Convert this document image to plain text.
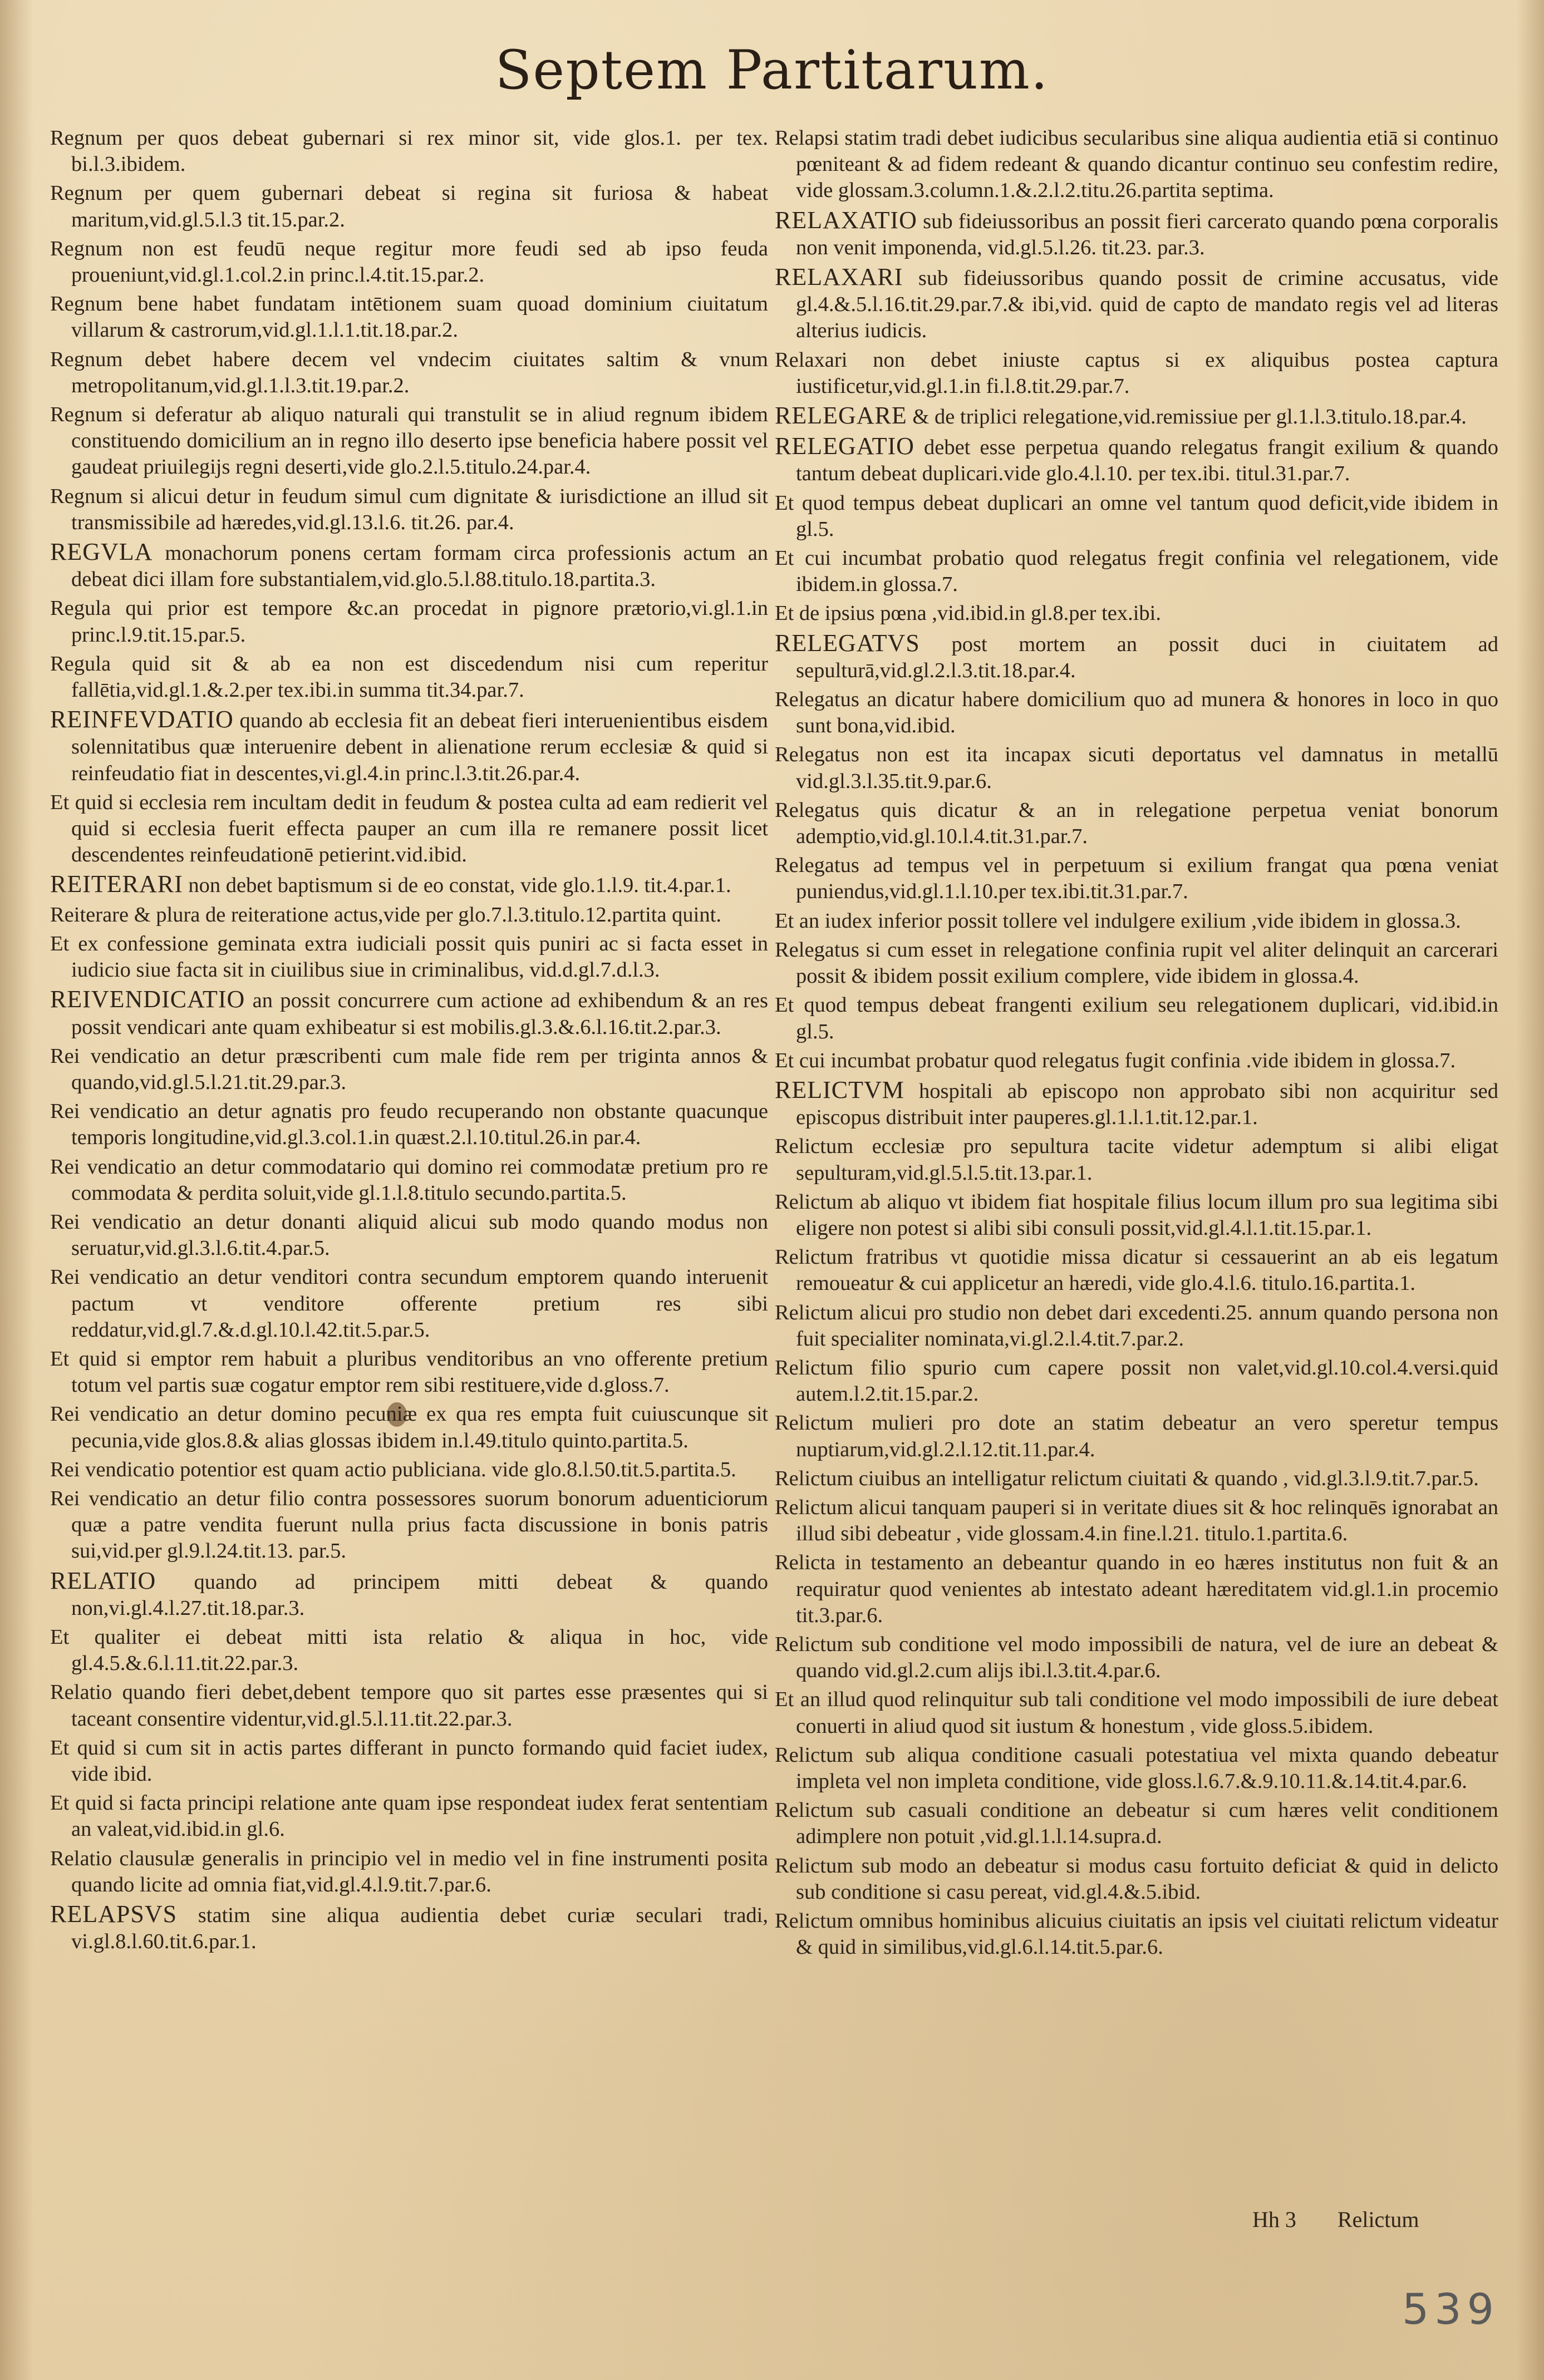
Septem Partitarum.

Regnum per quos debeat gubernari si rex minor sit, vide glos.1. per tex. bi.l.3.ibidem.

Regnum per quem gubernari debeat si regina sit furiosa & habeat maritum,vid.gl.5.l.3 tit.15.par.2.

Regnum non est feudū neque regitur more feudi sed ab ipso feuda proueniunt,vid.gl.1.col.2.in princ.l.4.tit.15.par.2.

Regnum bene habet fundatam intētionem suam quoad dominium ciuitatum villarum & castrorum,vid.gl.1.l.1.tit.18.par.2.

Regnum debet habere decem vel vndecim ciuitates saltim & vnum metropolitanum,vid.gl.1.l.3.tit.19.par.2.

Regnum si deferatur ab aliquo naturali qui transtulit se in aliud regnum ibidem constituendo domicilium an in regno illo deserto ipse beneficia habere possit vel gaudeat priuilegijs regni deserti,vide glo.2.l.5.titulo.24.par.4.

Regnum si alicui detur in feudum simul cum dignitate & iurisdictione an illud sit transmissibile ad hæredes,vid.gl.13.l.6. tit.26. par.4.

REGVLA monachorum ponens certam formam circa professionis actum an debeat dici illam fore substantialem,vid.glo.5.l.88.titulo.18.partita.3.

Regula qui prior est tempore &c.an procedat in pignore prætorio,vi.gl.1.in princ.l.9.tit.15.par.5.

Regula quid sit & ab ea non est discedendum nisi cum reperitur fallētia,vid.gl.1.&.2.per tex.ibi.in summa tit.34.par.7.

REINFEVDATIO quando ab ecclesia fit an debeat fieri interuenientibus eisdem solennitatibus quæ interuenire debent in alienatione rerum ecclesiæ & quid si reinfeudatio fiat in descentes,vi.gl.4.in princ.l.3.tit.26.par.4.

Et quid si ecclesia rem incultam dedit in feudum & postea culta ad eam redierit vel quid si ecclesia fuerit effecta pauper an cum illa re remanere possit licet descendentes reinfeudationē petierint.vid.ibid.

REITERARI non debet baptismum si de eo constat, vide glo.1.l.9. tit.4.par.1.

Reiterare & plura de reiteratione actus,vide per glo.7.l.3.titulo.12.partita quint.

Et ex confessione geminata extra iudiciali possit quis puniri ac si facta esset in iudicio siue facta sit in ciuilibus siue in criminalibus, vid.d.gl.7.d.l.3.

REIVENDICATIO an possit concurrere cum actione ad exhibendum & an res possit vendicari ante quam exhibeatur si est mobilis.gl.3.&.6.l.16.tit.2.par.3.

Rei vendicatio an detur præscribenti cum male fide rem per triginta annos & quando,vid.gl.5.l.21.tit.29.par.3.

Rei vendicatio an detur agnatis pro feudo recuperando non obstante quacunque temporis longitudine,vid.gl.3.col.1.in quæst.2.l.10.titul.26.in par.4.

Rei vendicatio an detur commodatario qui domino rei commodatæ pretium pro re commodata & perdita soluit,vide gl.1.l.8.titulo secundo.partita.5.

Rei vendicatio an detur donanti aliquid alicui sub modo quando modus non seruatur,vid.gl.3.l.6.tit.4.par.5.

Rei vendicatio an detur venditori contra secundum emptorem quando interuenit pactum vt venditore offerente pretium res sibi reddatur,vid.gl.7.&.d.gl.10.l.42.tit.5.par.5.

Et quid si emptor rem habuit a pluribus venditoribus an vno offerente pretium totum vel partis suæ cogatur emptor rem sibi restituere,vide d.gloss.7.

Rei vendicatio an detur domino pecuniæ ex qua res empta fuit cuiuscunque sit pecunia,vide glos.8.& alias glossas ibidem in.l.49.titulo quinto.partita.5.

Rei vendicatio potentior est quam actio publiciana. vide glo.8.l.50.tit.5.partita.5.

Rei vendicatio an detur filio contra possessores suorum bonorum aduenticiorum quæ a patre vendita fuerunt nulla prius facta discussione in bonis patris sui,vid.per gl.9.l.24.tit.13. par.5.

RELATIO quando ad principem mitti debeat & quando non,vi.gl.4.l.27.tit.18.par.3.

Et qualiter ei debeat mitti ista relatio & aliqua in hoc, vide gl.4.5.&.6.l.11.tit.22.par.3.

Relatio quando fieri debet,debent tempore quo sit partes esse præsentes qui si taceant consentire videntur,vid.gl.5.l.11.tit.22.par.3.

Et quid si cum sit in actis partes differant in puncto formando quid faciet iudex, vide ibid.

Et quid si facta principi relatione ante quam ipse respondeat iudex ferat sententiam an valeat,vid.ibid.in gl.6.

Relatio clausulæ generalis in principio vel in medio vel in fine instrumenti posita quando licite ad omnia fiat,vid.gl.4.l.9.tit.7.par.6.

RELAPSVS statim sine aliqua audientia debet curiæ seculari tradi, vi.gl.8.l.60.tit.6.par.1.

Relapsi statim tradi debet iudicibus secularibus sine aliqua audientia etiā si continuo pœniteant & ad fidem redeant & quando dicantur continuo seu confestim redire, vide glossam.3.column.1.&.2.l.2.titu.26.partita septima.

RELAXATIO sub fideiussoribus an possit fieri carcerato quando pœna corporalis non venit imponenda, vid.gl.5.l.26. tit.23. par.3.

RELAXARI sub fideiussoribus quando possit de crimine accusatus, vide gl.4.&.5.l.16.tit.29.par.7.& ibi,vid. quid de capto de mandato regis vel ad literas alterius iudicis.

Relaxari non debet iniuste captus si ex aliquibus postea captura iustificetur,vid.gl.1.in fi.l.8.tit.29.par.7.

RELEGARE & de triplici relegatione,vid.remissiue per gl.1.l.3.titulo.18.par.4.

RELEGATIO debet esse perpetua quando relegatus frangit exilium & quando tantum debeat duplicari.vide glo.4.l.10. per tex.ibi. titul.31.par.7.

Et quod tempus debeat duplicari an omne vel tantum quod deficit,vide ibidem in gl.5.

Et cui incumbat probatio quod relegatus fregit confinia vel relegationem, vide ibidem.in glossa.7.

Et de ipsius pœna ,vid.ibid.in gl.8.per tex.ibi.

RELEGATVS post mortem an possit duci in ciuitatem ad sepulturā,vid.gl.2.l.3.tit.18.par.4.

Relegatus an dicatur habere domicilium quo ad munera & honores in loco in quo sunt bona,vid.ibid.

Relegatus non est ita incapax sicuti deportatus vel damnatus in metallū vid.gl.3.l.35.tit.9.par.6.

Relegatus quis dicatur & an in relegatione perpetua veniat bonorum ademptio,vid.gl.10.l.4.tit.31.par.7.

Relegatus ad tempus vel in perpetuum si exilium frangat qua pœna veniat puniendus,vid.gl.1.l.10.per tex.ibi.tit.31.par.7.

Et an iudex inferior possit tollere vel indulgere exilium ,vide ibidem in glossa.3.

Relegatus si cum esset in relegatione confinia rupit vel aliter delinquit an carcerari possit & ibidem possit exilium complere, vide ibidem in glossa.4.

Et quod tempus debeat frangenti exilium seu relegationem duplicari, vid.ibid.in gl.5.

Et cui incumbat probatur quod relegatus fugit confinia .vide ibidem in glossa.7.

RELICTVM hospitali ab episcopo non approbato sibi non acquiritur sed episcopus distribuit inter pauperes.gl.1.l.1.tit.12.par.1.

Relictum ecclesiæ pro sepultura tacite videtur ademptum si alibi eligat sepulturam,vid.gl.5.l.5.tit.13.par.1.

Relictum ab aliquo vt ibidem fiat hospitale filius locum illum pro sua legitima sibi eligere non potest si alibi sibi consuli possit,vid.gl.4.l.1.tit.15.par.1.

Relictum fratribus vt quotidie missa dicatur si cessauerint an ab eis legatum remoueatur & cui applicetur an hæredi, vide glo.4.l.6. titulo.16.partita.1.

Relictum alicui pro studio non debet dari excedenti.25. annum quando persona non fuit specialiter nominata,vi.gl.2.l.4.tit.7.par.2.

Relictum filio spurio cum capere possit non valet,vid.gl.10.col.4.versi.quid autem.l.2.tit.15.par.2.

Relictum mulieri pro dote an statim debeatur an vero speretur tempus nuptiarum,vid.gl.2.l.12.tit.11.par.4.

Relictum ciuibus an intelligatur relictum ciuitati & quando , vid.gl.3.l.9.tit.7.par.5.

Relictum alicui tanquam pauperi si in veritate diues sit & hoc relinquēs ignorabat an illud sibi debeatur , vide glossam.4.in fine.l.21. titulo.1.partita.6.

Relicta in testamento an debeantur quando in eo hæres institutus non fuit & an requiratur quod venientes ab intestato adeant hæreditatem vid.gl.1.in procemio tit.3.par.6.

Relictum sub conditione vel modo impossibili de natura, vel de iure an debeat & quando vid.gl.2.cum alijs ibi.l.3.tit.4.par.6.

Et an illud quod relinquitur sub tali conditione vel modo impossibili de iure debeat conuerti in aliud quod sit iustum & honestum , vide gloss.5.ibidem.

Relictum sub aliqua conditione casuali potestatiua vel mixta quando debeatur impleta vel non impleta conditione, vide gloss.l.6.7.&.9.10.11.&.14.tit.4.par.6.

Relictum sub casuali conditione an debeatur si cum hæres velit conditionem adimplere non potuit ,vid.gl.1.l.14.supra.d.

Relictum sub modo an debeatur si modus casu fortuito deficiat & quid in delicto sub conditione si casu pereat, vid.gl.4.&.5.ibid.

Relictum omnibus hominibus alicuius ciuitatis an ipsis vel ciuitati relictum videatur & quid in similibus,vid.gl.6.l.14.tit.5.par.6.

Hh 3 Relictum
539
